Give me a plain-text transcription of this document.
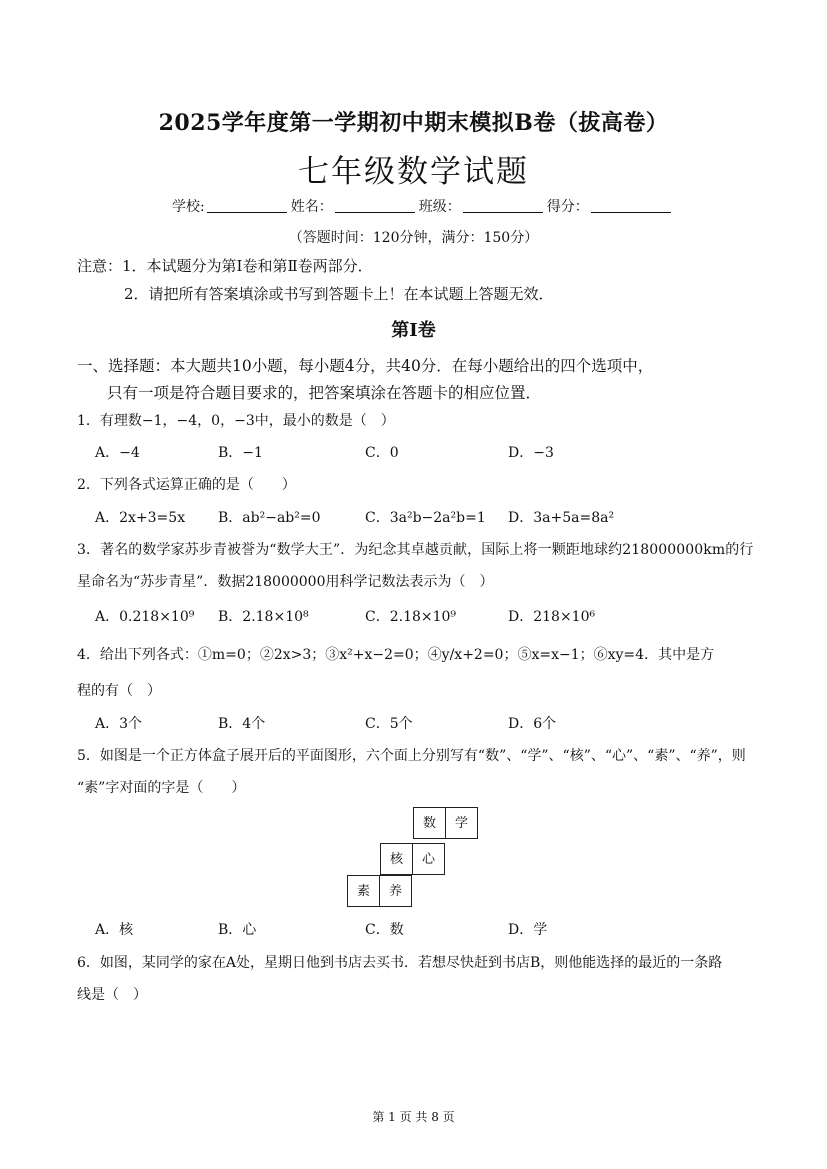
2025学年度第一学期初中期末模拟B卷（拔高卷）
七年级数学试题
学校:	姓名：	班级：	得分：
（答题时间：120分钟，满分：150分）
注意：1．本试题分为第Ⅰ卷和第Ⅱ卷两部分．
2．请把所有答案填涂或书写到答题卡上！在本试题上答题无效．
第Ⅰ卷
一、选择题：本大题共10小题，每小题4分，共40分．在每小题给出的四个选项中，
只有一项是符合题目要求的，把答案填涂在答题卡的相应位置．
1．有理数−1，−4，0，−3中，最小的数是（　）
A．−4	B．−1	C．0	D．−3
2．下列各式运算正确的是（　　）
A．2x+3=5x B．ab²−ab²=0	C．3a²b−2a²b=1 D．3a+5a=8a²
3．著名的数学家苏步青被誉为“数学大王”．为纪念其卓越贡献，国际上将一颗距地球约218000000km的行
星命名为“苏步青星”．数据218000000用科学记数法表示为（　）
A．0.218×10⁹ B．2.18×10⁸	C．2.18×10⁹	D．218×10⁶
4．给出下列各式：①m=0；②2x>3；③x²+x−2=0；④y/x+2=0；⑤x=x−1；⑥xy=4．其中是方
程的有（　）
A．3个	B．4个	C．5个	D．6个
5．如图是一个正方体盒子展开后的平面图形，六个面上分别写有“数”、“学”、“核”、“心”、“素”、“养”，则
“素”字对面的字是（　　）
数	学
核	心
素	养
A．核	B．心	C．数	D．学
6．如图，某同学的家在A处，星期日他到书店去买书．若想尽快赶到书店B，则他能选择的最近的一条路
线是（　）
第 1 页 共 8 页
